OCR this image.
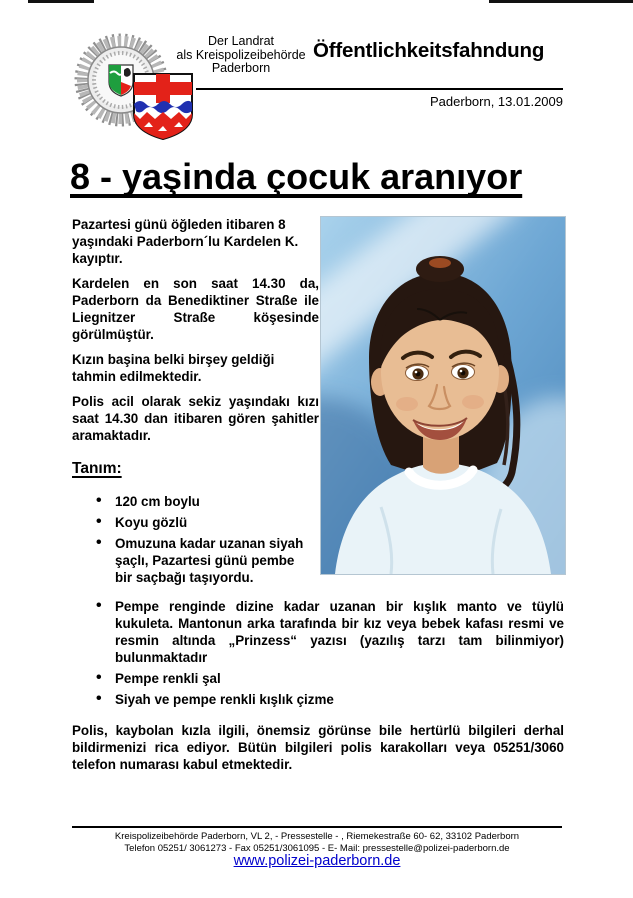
Der Landrat
als Kreispolizeibehörde
Paderborn
Öffentlichkeitsfahndung
Paderborn, 13.01.2009
8 - yaşinda çocuk aranıyor

Pazartesi günü öğleden itibaren 8 yaşındaki Paderborn´lu Kardelen K. kayıptır.

Kardelen en son saat 14.30 da, Paderborn da Benediktiner Straße ile Liegnitzer Straße köşesinde görülmüştür.

Kızın başina belki birşey geldiği tahmin edilmektedir.

Polis acil olarak sekiz yaşındakı kızı saat 14.30 dan itibaren gören şahitler aramaktadır.

Tanım:
• 120 cm boylu
• Koyu gözlü
• Omuzuna kadar uzanan siyah şaçlı, Pazartesi günü pembe bir saçbağı taşıyordu.
• Pempe renginde dizine kadar uzanan bir kışlık manto ve tüylü kukuleta. Mantonun arka tarafında bir kız veya bebek kafası resmi ve resmin altında „Prinzess“ yazısı (yazılış tarzı tam bilinmiyor) bulunmaktadır
• Pempe renkli şal
• Siyah ve pempe renkli kışlık çizme

Polis, kaybolan kızla ilgili, önemsiz görünse bile hertürlü bilgileri derhal bildirmenizi rica ediyor. Bütün bilgileri polis karakolları veya 05251/3060 telefon numarası kabul etmektedir.

Kreispolizeibehörde Paderborn, VL 2, - Pressestelle - , Riemekestraße 60- 62, 33102 Paderborn
Telefon 05251/ 3061273 - Fax 05251/3061095 - E- Mail: pressestelle@polizei-paderborn.de
www.polizei-paderborn.de
